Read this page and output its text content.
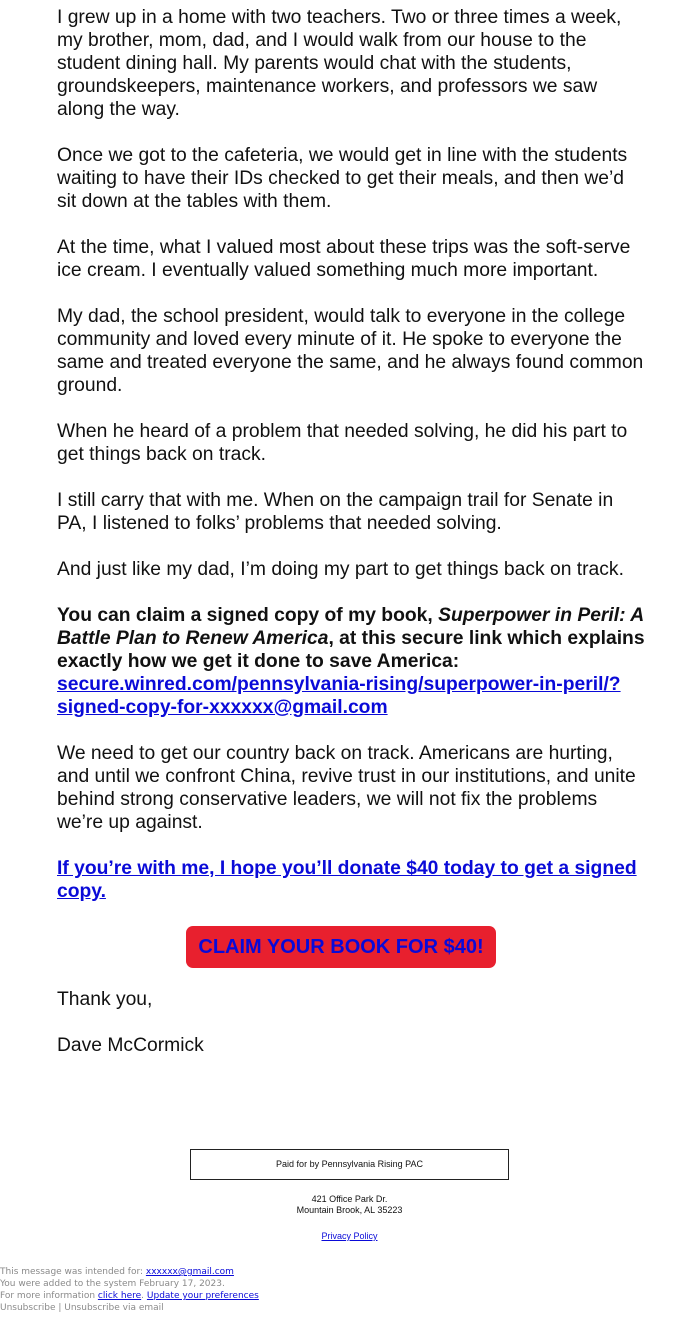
I grew up in a home with two teachers. Two or three times a week, my brother, mom, dad, and I would walk from our house to the student dining hall. My parents would chat with the students, groundskeepers, maintenance workers, and professors we saw along the way.

Once we got to the cafeteria, we would get in line with the students waiting to have their IDs checked to get their meals, and then we’d sit down at the tables with them.

At the time, what I valued most about these trips was the soft-serve ice cream. I eventually valued something much more important.

My dad, the school president, would talk to everyone in the college community and loved every minute of it. He spoke to everyone the same and treated everyone the same, and he always found common ground.

When he heard of a problem that needed solving, he did his part to get things back on track.

I still carry that with me. When on the campaign trail for Senate in PA, I listened to folks’ problems that needed solving.

And just like my dad, I’m doing my part to get things back on track.

You can claim a signed copy of my book, Superpower in Peril: A Battle Plan to Renew America, at this secure link which explains exactly how we get it done to save America: secure.winred.com/pennsylvania-rising/superpower-in-peril/?signed-copy-for-xxxxxx@gmail.com

We need to get our country back on track. Americans are hurting, and until we confront China, revive trust in our institutions, and unite behind strong conservative leaders, we will not fix the problems we’re up against.

If you’re with me, I hope you’ll donate $40 today to get a signed copy.

CLAIM YOUR BOOK FOR $40!

Thank you,

Dave McCormick

Paid for by Pennsylvania Rising PAC
421 Office Park Dr.
Mountain Brook, AL 35223
Privacy Policy
This message was intended for: xxxxxx@gmail.com
You were added to the system February 17, 2023.
For more information click here. Update your preferences
Unsubscribe | Unsubscribe via email
